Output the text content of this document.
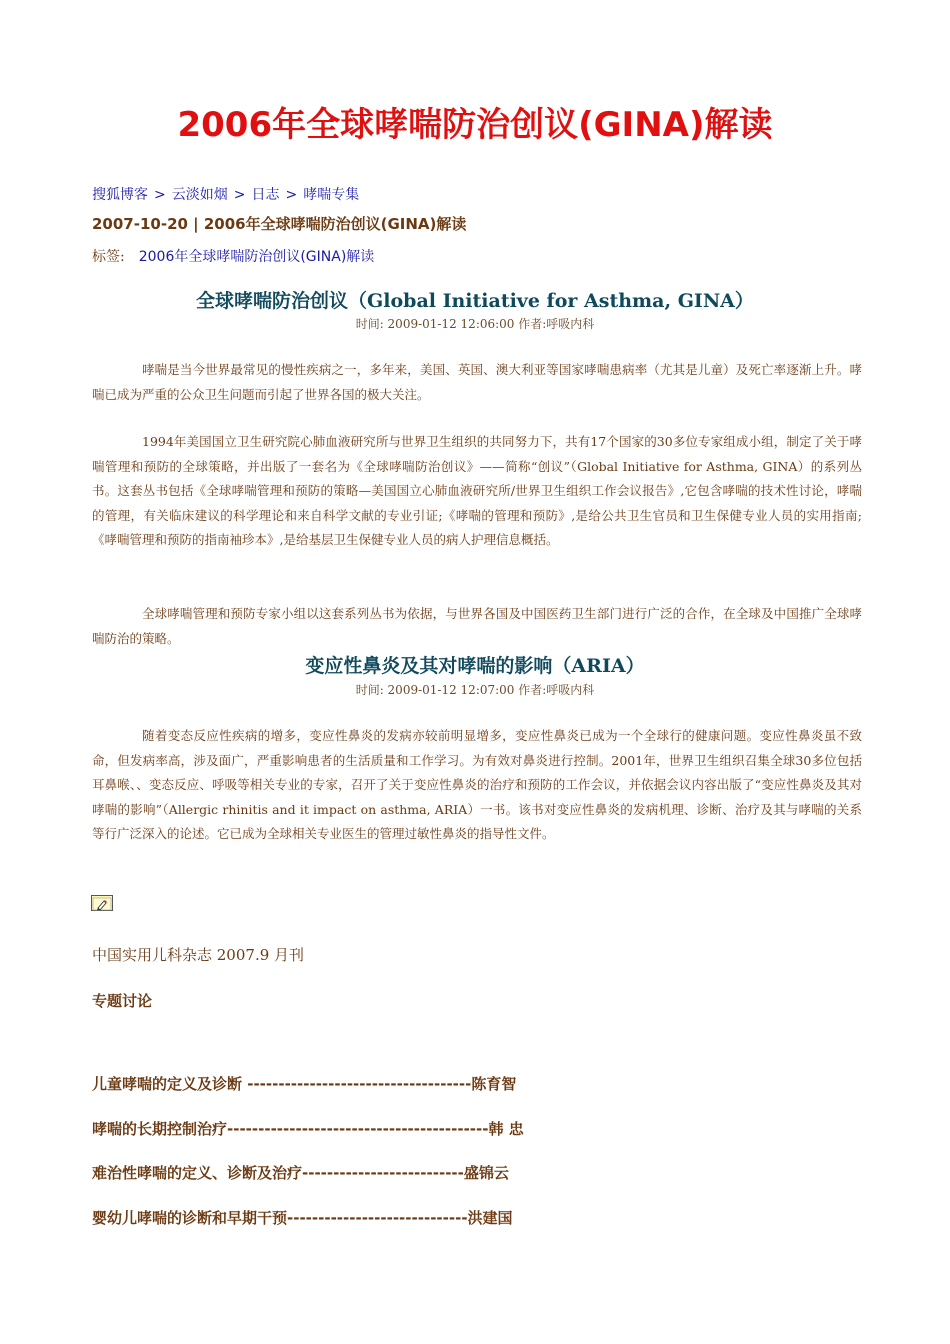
2006年全球哮喘防治创议(GINA)解读
搜狐博客 > 云淡如烟 > 日志 > 哮喘专集
2007-10-20 | 2006年全球哮喘防治创议(GINA)解读
标签: 2006年全球哮喘防治创议(GINA)解读
全球哮喘防治创议（Global Initiative for Asthma, GINA）
时间: 2009-01-12 12:06:00 作者:呼吸内科

哮喘是当今世界最常见的慢性疾病之一，多年来，美国、英国、澳大利亚等国家哮喘患病率（尤其是儿童）及死亡率逐渐上升。哮喘已成为严重的公众卫生问题而引起了世界各国的极大关注。

1994年美国国立卫生研究院心肺血液研究所与世界卫生组织的共同努力下，共有17个国家的30多位专家组成小组，制定了关于哮喘管理和预防的全球策略，并出版了一套名为《全球哮喘防治创议》——简称“创议”（Global Initiative for Asthma, GINA）的系列丛书。这套丛书包括《全球哮喘管理和预防的策略—美国国立心肺血液研究所/世界卫生组织工作会议报告》,它包含哮喘的技术性讨论，哮喘的管理，有关临床建议的科学理论和来自科学文献的专业引证;《哮喘的管理和预防》,是给公共卫生官员和卫生保健专业人员的实用指南;《哮喘管理和预防的指南袖珍本》,是给基层卫生保健专业人员的病人护理信息概括。

全球哮喘管理和预防专家小组以这套系列丛书为依据，与世界各国及中国医药卫生部门进行广泛的合作，在全球及中国推广全球哮喘防治的策略。

变应性鼻炎及其对哮喘的影响（ARIA）
时间: 2009-01-12 12:07:00 作者:呼吸内科

随着变态反应性疾病的增多，变应性鼻炎的发病亦较前明显增多，变应性鼻炎已成为一个全球行的健康问题。变应性鼻炎虽不致命，但发病率高，涉及面广，严重影响患者的生活质量和工作学习。为有效对鼻炎进行控制。2001年，世界卫生组织召集全球30多位包括耳鼻喉、、变态反应、呼吸等相关专业的专家，召开了关于变应性鼻炎的治疗和预防的工作会议，并依据会议内容出版了“变应性鼻炎及其对哮喘的影响”（Allergic rhinitis and it impact on asthma, ARIA）一书。该书对变应性鼻炎的发病机理、诊断、治疗及其与哮喘的关系等行广泛深入的论述。它已成为全球相关专业医生的管理过敏性鼻炎的指导性文件。

中国实用儿科杂志 2007.9 月刊
专题讨论
儿童哮喘的定义及诊断 ------------------------------------陈育智
哮喘的长期控制治疗------------------------------------------韩 忠
难治性哮喘的定义、诊断及治疗--------------------------盛锦云
婴幼儿哮喘的诊断和早期干预-----------------------------洪建国
